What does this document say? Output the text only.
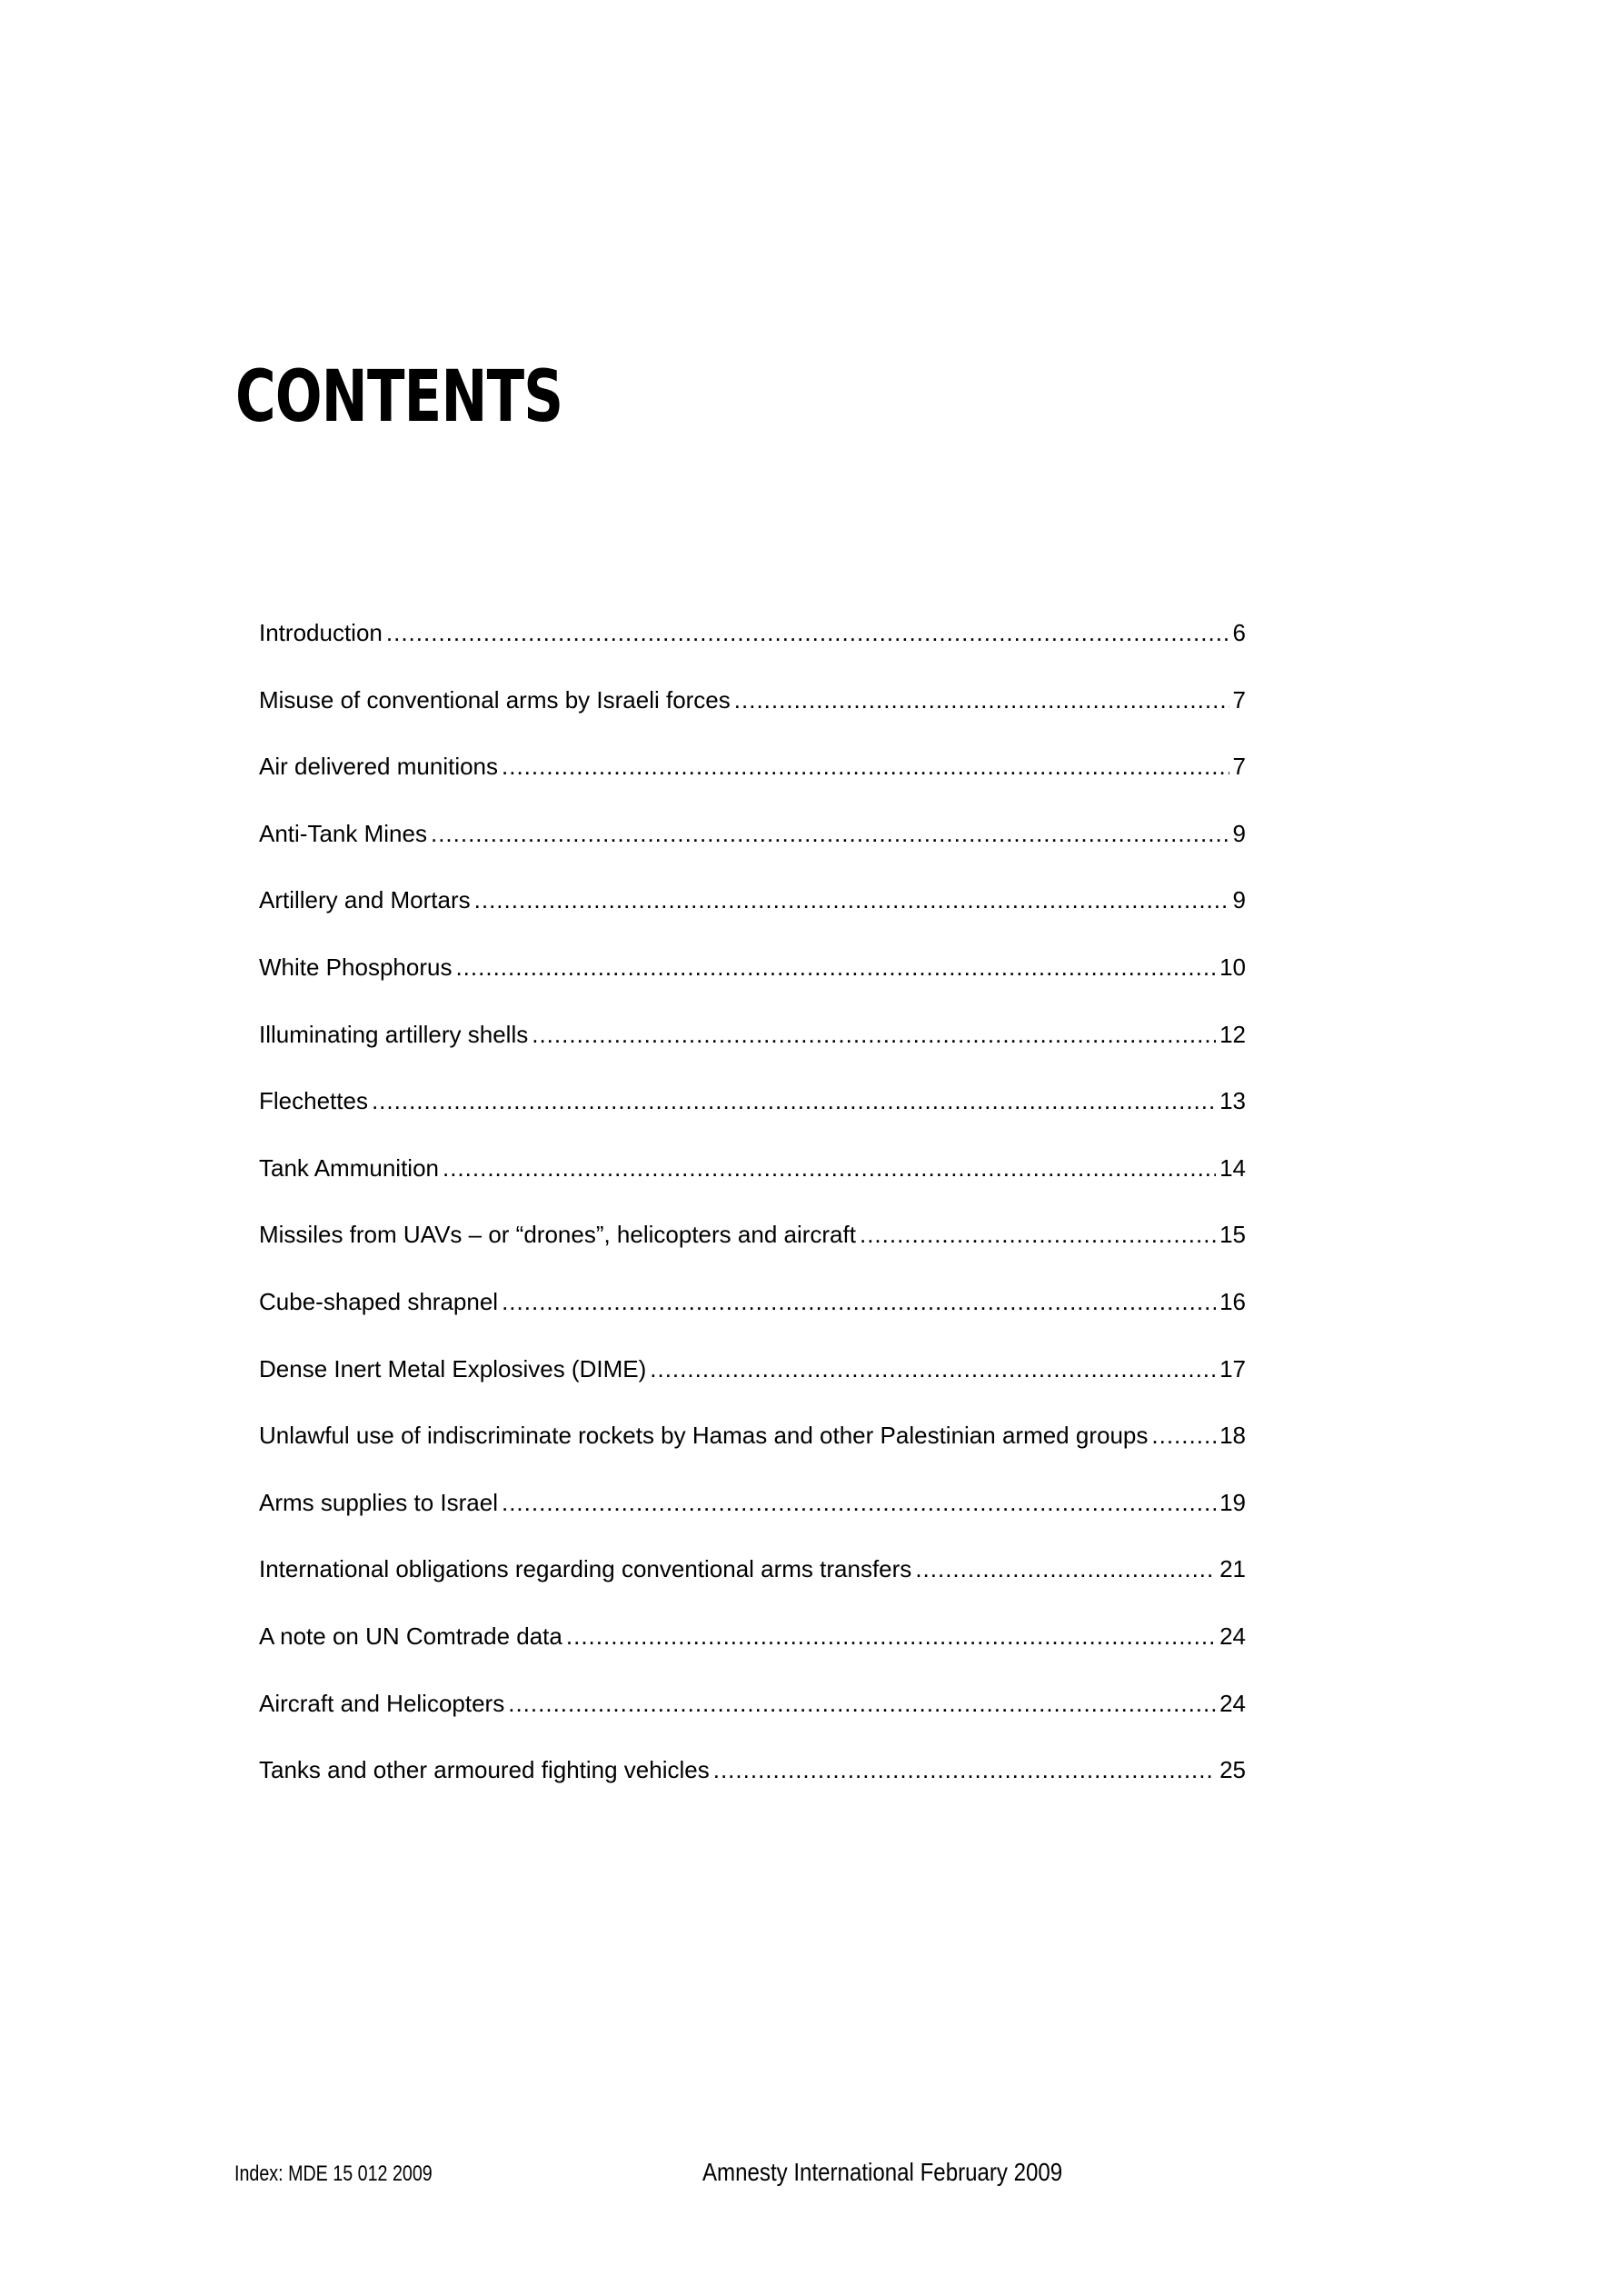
CONTENTS
Introduction .....	6
Misuse of conventional arms by Israeli forces .....	7
Air delivered munitions .....	7
Anti-Tank Mines .....	9
Artillery and Mortars .....	9
White Phosphorus .....	10
Illuminating artillery shells .....	12
Flechettes .....	13
Tank Ammunition .....	14
Missiles from UAVs – or “drones”, helicopters and aircraft .....	15
Cube-shaped shrapnel .....	16
Dense Inert Metal Explosives (DIME) .....	17
Unlawful use of indiscriminate rockets by Hamas and other Palestinian armed groups .....	18
Arms supplies to Israel .....	19
International obligations regarding conventional arms transfers .....	21
A note on UN Comtrade data .....	24
Aircraft and Helicopters .....	24
Tanks and other armoured fighting vehicles .....	25
Index: MDE 15 012 2009	Amnesty International February 2009
